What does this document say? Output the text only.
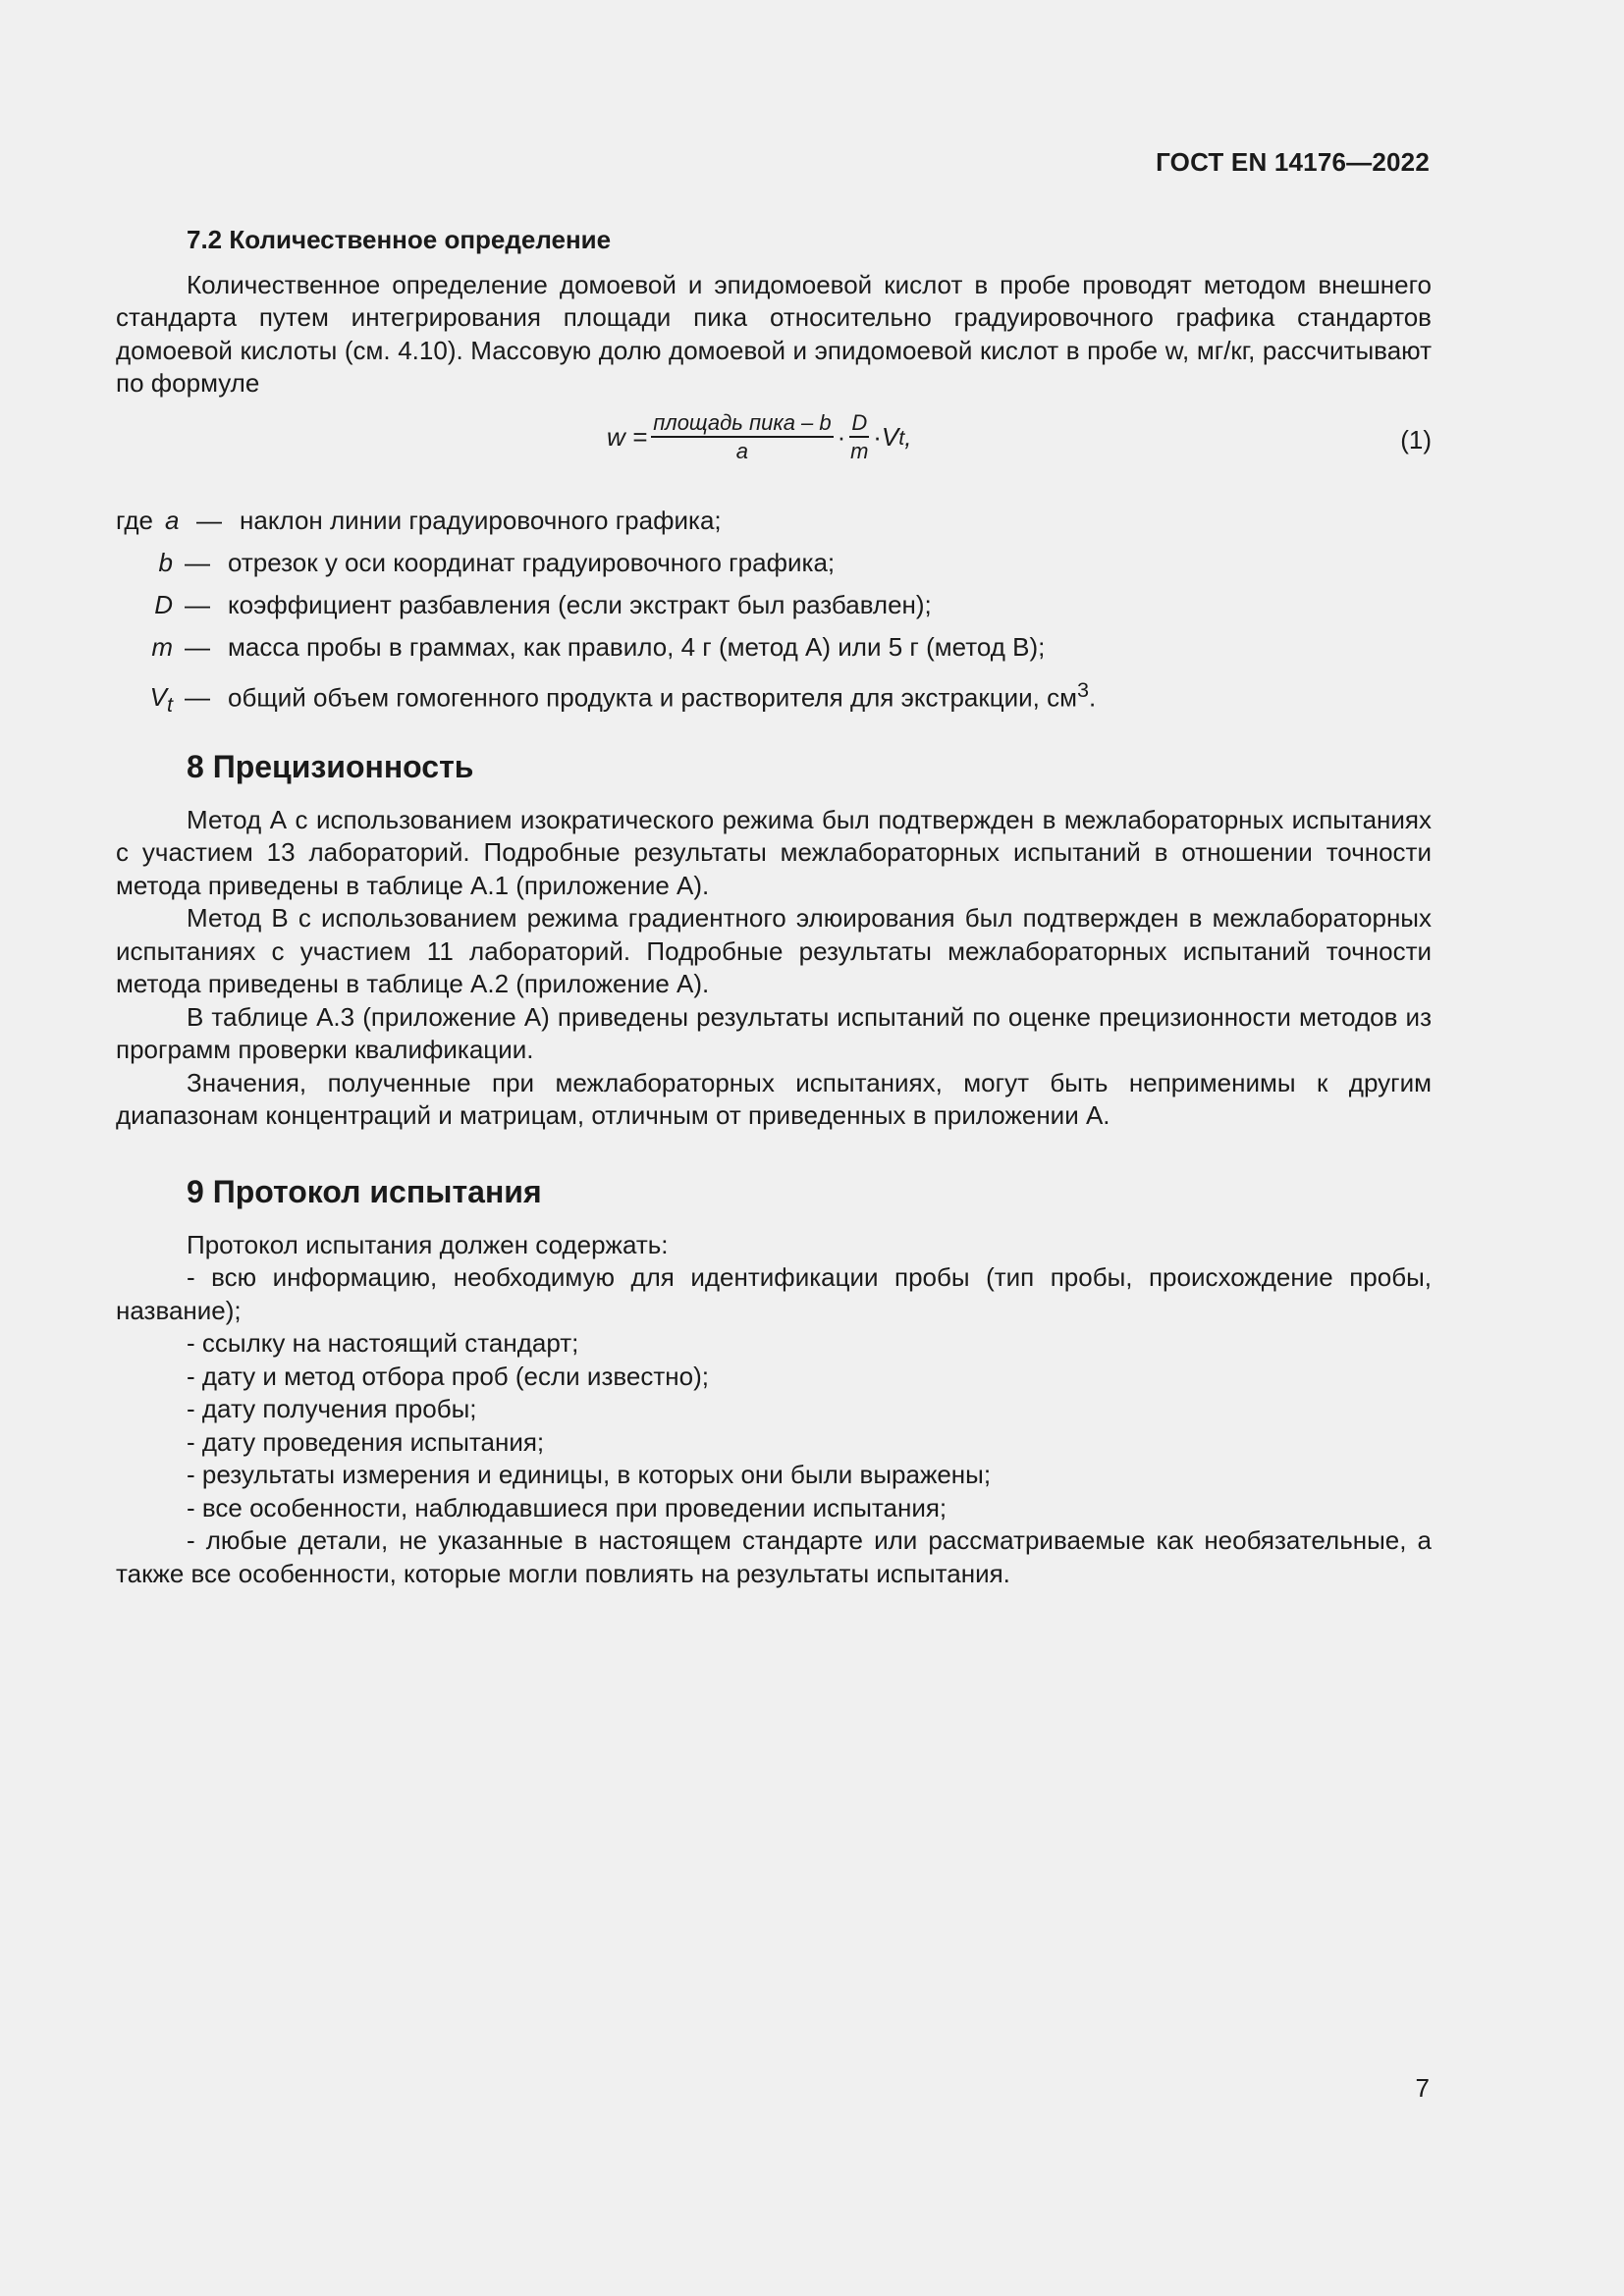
ГОСТ EN 14176—2022
7.2 Количественное определение

Количественное определение домоевой и эпидомоевой кислот в пробе проводят методом внешнего стандарта путем интегрирования площади пика относительно градуировочного графика стандартов домоевой кислоты (см. 4.10). Массовую долю домоевой и эпидомоевой кислот в пробе w, мг/кг, рассчитывают по формуле

$w = \frac{\text{площадь пика – b}}{a} \cdot \frac{D}{m} \cdot V$ t ,	(1)
где a — наклон линии градуировочного графика;
b — отрезок у оси координат градуировочного графика;
D — коэффициент разбавления (если экстракт был разбавлен);
m — масса пробы в граммах, как правило, 4 г (метод А) или 5 г (метод В);
$V_t$ — общий объем гомогенного продукта и растворителя для экстракции, $см^3$.
8 Прецизионность

Метод А с использованием изократического режима был подтвержден в межлабораторных испытаниях с участием 13 лабораторий. Подробные результаты межлабораторных испытаний в отношении точности метода приведены в таблице А.1 (приложение А).

Метод В с использованием режима градиентного элюирования был подтвержден в межлабораторных испытаниях с участием 11 лабораторий. Подробные результаты межлабораторных испытаний точности метода приведены в таблице А.2 (приложение А).

В таблице А.3 (приложение А) приведены результаты испытаний по оценке прецизионности методов из программ проверки квалификации.

Значения, полученные при межлабораторных испытаниях, могут быть неприменимы к другим диапазонам концентраций и матрицам, отличным от приведенных в приложении А.

9 Протокол испытания

Протокол испытания должен содержать:

- всю информацию, необходимую для идентификации пробы (тип пробы, происхождение пробы, название);
- ссылку на настоящий стандарт;
- дату и метод отбора проб (если известно);
- дату получения пробы;
- дату проведения испытания;
- результаты измерения и единицы, в которых они были выражены;
- все особенности, наблюдавшиеся при проведении испытания;
- любые детали, не указанные в настоящем стандарте или рассматриваемые как необязательные, а также все особенности, которые могли повлиять на результаты испытания.
7
